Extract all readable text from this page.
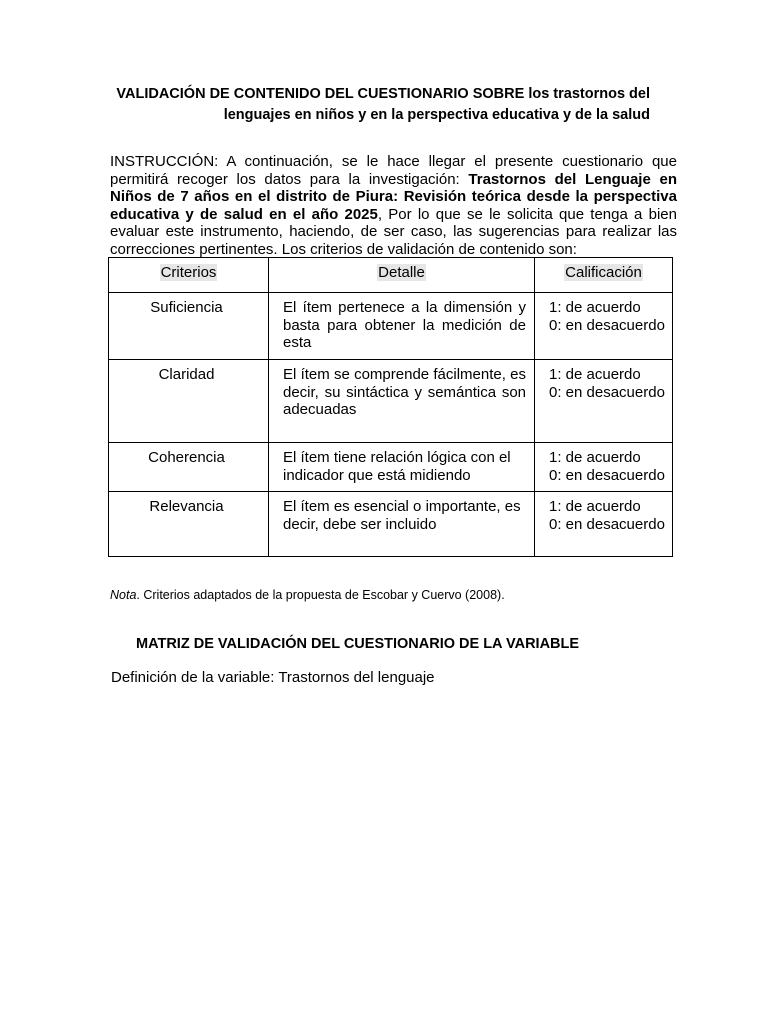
VALIDACIÓN DE CONTENIDO DEL CUESTIONARIO SOBRE los trastornos del lenguajes en niños y en la perspectiva educativa y de la salud
INSTRUCCIÓN: A continuación, se le hace llegar el presente cuestionario que permitirá recoger los datos para la investigación: Trastornos del Lenguaje en Niños de 7 años en el distrito de Piura: Revisión teórica desde la perspectiva educativa y de salud en el año 2025, Por lo que se le solicita que tenga a bien evaluar este instrumento, haciendo, de ser caso, las sugerencias para realizar las correcciones pertinentes. Los criterios de validación de contenido son:
Criterios	Detalle	Calificación
Suficiencia	El ítem pertenece a la dimensión y basta para obtener la medición de esta	1: de acuerdo
0: en desacuerdo

Claridad	El ítem se comprende fácilmente, es decir, su sintáctica y semántica son adecuadas	1: de acuerdo
0: en desacuerdo

Coherencia	El ítem tiene relación lógica con el indicador que está midiendo	1: de acuerdo
0: en desacuerdo

Relevancia	El ítem es esencial o importante, es decir, debe ser incluido	1: de acuerdo
0: en desacuerdo
Nota. Criterios adaptados de la propuesta de Escobar y Cuervo (2008).
MATRIZ DE VALIDACIÓN DEL CUESTIONARIO DE LA VARIABLE
Definición de la variable: Trastornos del lenguaje
